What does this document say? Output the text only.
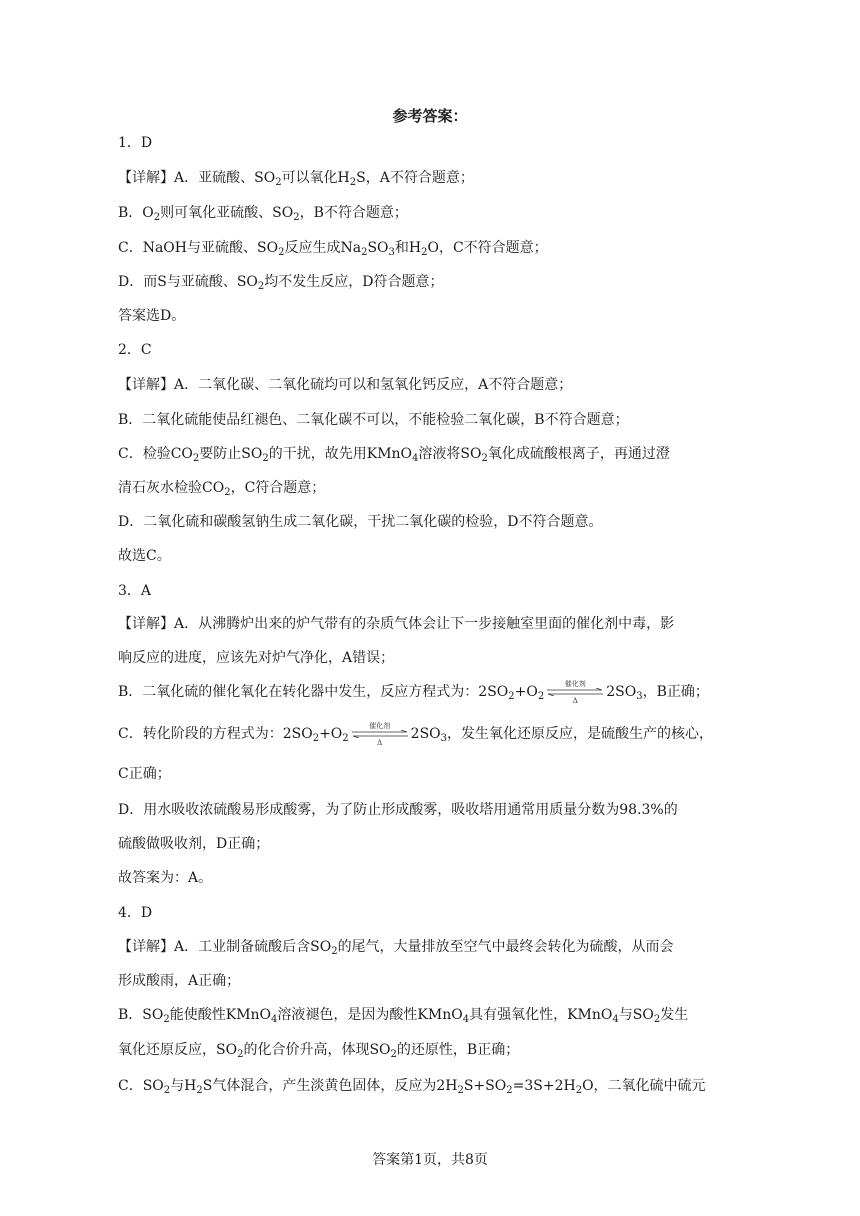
参考答案：
1．D
【详解】A．亚硫酸、$SO_2$可以氧化$H_2S$，A不符合题意；
B．$O_2$则可氧化亚硫酸、$SO_2$，B不符合题意；
C．NaOH与亚硫酸、$SO_2$反应生成$Na_2SO_3$和$H_2O$，C不符合题意；
D．而S与亚硫酸、$SO_2$均不发生反应，D符合题意；
答案选D。
2．C
【详解】A．二氧化碳、二氧化硫均可以和氢氧化钙反应，A不符合题意；
B．二氧化硫能使品红褪色、二氧化碳不可以，不能检验二氧化碳，B不符合题意；
C．检验$CO_2$要防止$SO_2$的干扰，故先用KMnO$_4$溶液将$SO_2$氧化成硫酸根离子，再通过澄
清石灰水检验$CO_2$，C符合题意；
D．二氧化硫和碳酸氢钠生成二氧化碳，干扰二氧化碳的检验，D不符合题意。
故选C。
3．A
【详解】A．从沸腾炉出来的炉气带有的杂质气体会让下一步接触室里面的催化剂中毒，影
响反应的进度，应该先对炉气净化，A错误；
B．二氧化硫的催化氧化在转化器中发生，反应方程式为：$2SO_2+O_2$
催化剂
Δ
$2SO_3$，B正确；
C．转化阶段的方程式为：$2SO_2+O_2$
催化剂
Δ
$2SO_3$，发生氧化还原反应，是硫酸生产的核心，
C正确；
D．用水吸收浓硫酸易形成酸雾，为了防止形成酸雾，吸收塔用通常用质量分数为98.3%的
硫酸做吸收剂，D正确；
故答案为：A。
4．D
【详解】A．工业制备硫酸后含$SO_2$的尾气，大量排放至空气中最终会转化为硫酸，从而会
形成酸雨，A正确；
B．$SO_2$能使酸性KMnO$_4$溶液褪色，是因为酸性KMnO$_4$具有强氧化性，KMnO$_4$与$SO_2$发生
氧化还原反应，$SO_2$的化合价升高，体现$SO_2$的还原性，B正确；
C．$SO_2$与$H_2S$气体混合，产生淡黄色固体，反应为$2H_2S+SO_2=3S+2H_2O$，二氧化硫中硫元
答案第1页，共8页
